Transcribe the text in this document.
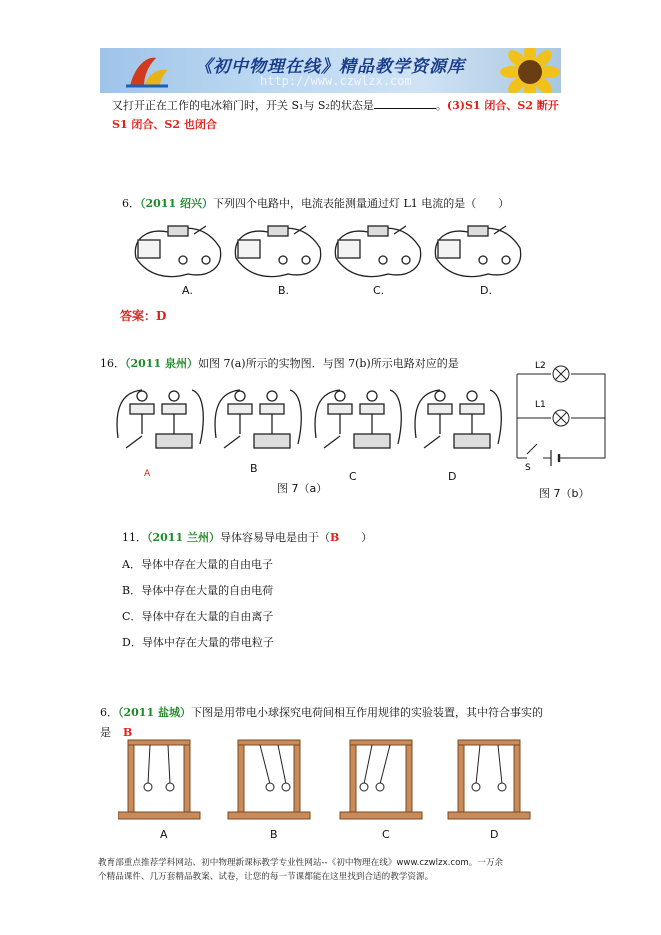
《初中物理在线》精品教学资源库
http://www.czwlzx.com
又打开正在工作的电冰箱门时，开关 S₁与 S₂的状态是	。(3)S1 闭合、S2 断开
S1 闭合、S2 也闭合
6．（2011 绍兴）下列四个电路中，电流表能测量通过灯 L1 电流的是（　　）
A.	B.	C.	D.
答案：D
16．（2011 泉州）如图 7(a)所示的实物图．与图 7(b)所示电路对应的是
A	B
C	D
图 7（a）
L2
L1
S
图 7（b）
11．（2011 兰州）导体容易导电是由于（B ）
A．导体中存在大量的自由电子
B．导体中存在大量的自由电荷
C．导体中存在大量的自由离子
D．导体中存在大量的带电粒子
6．（2011 盐城）下图是用带电小球探究电荷间相互作用规律的实验装置，其中符合事实的
是 B
A	B	C	D
教育部重点推荐学科网站、初中物理新课标教学专业性网站--《初中物理在线》www.czwlzx.com。一万余
个精品课件、几万套精品教案、试卷，让您的每一节课都能在这里找到合适的教学资源。
